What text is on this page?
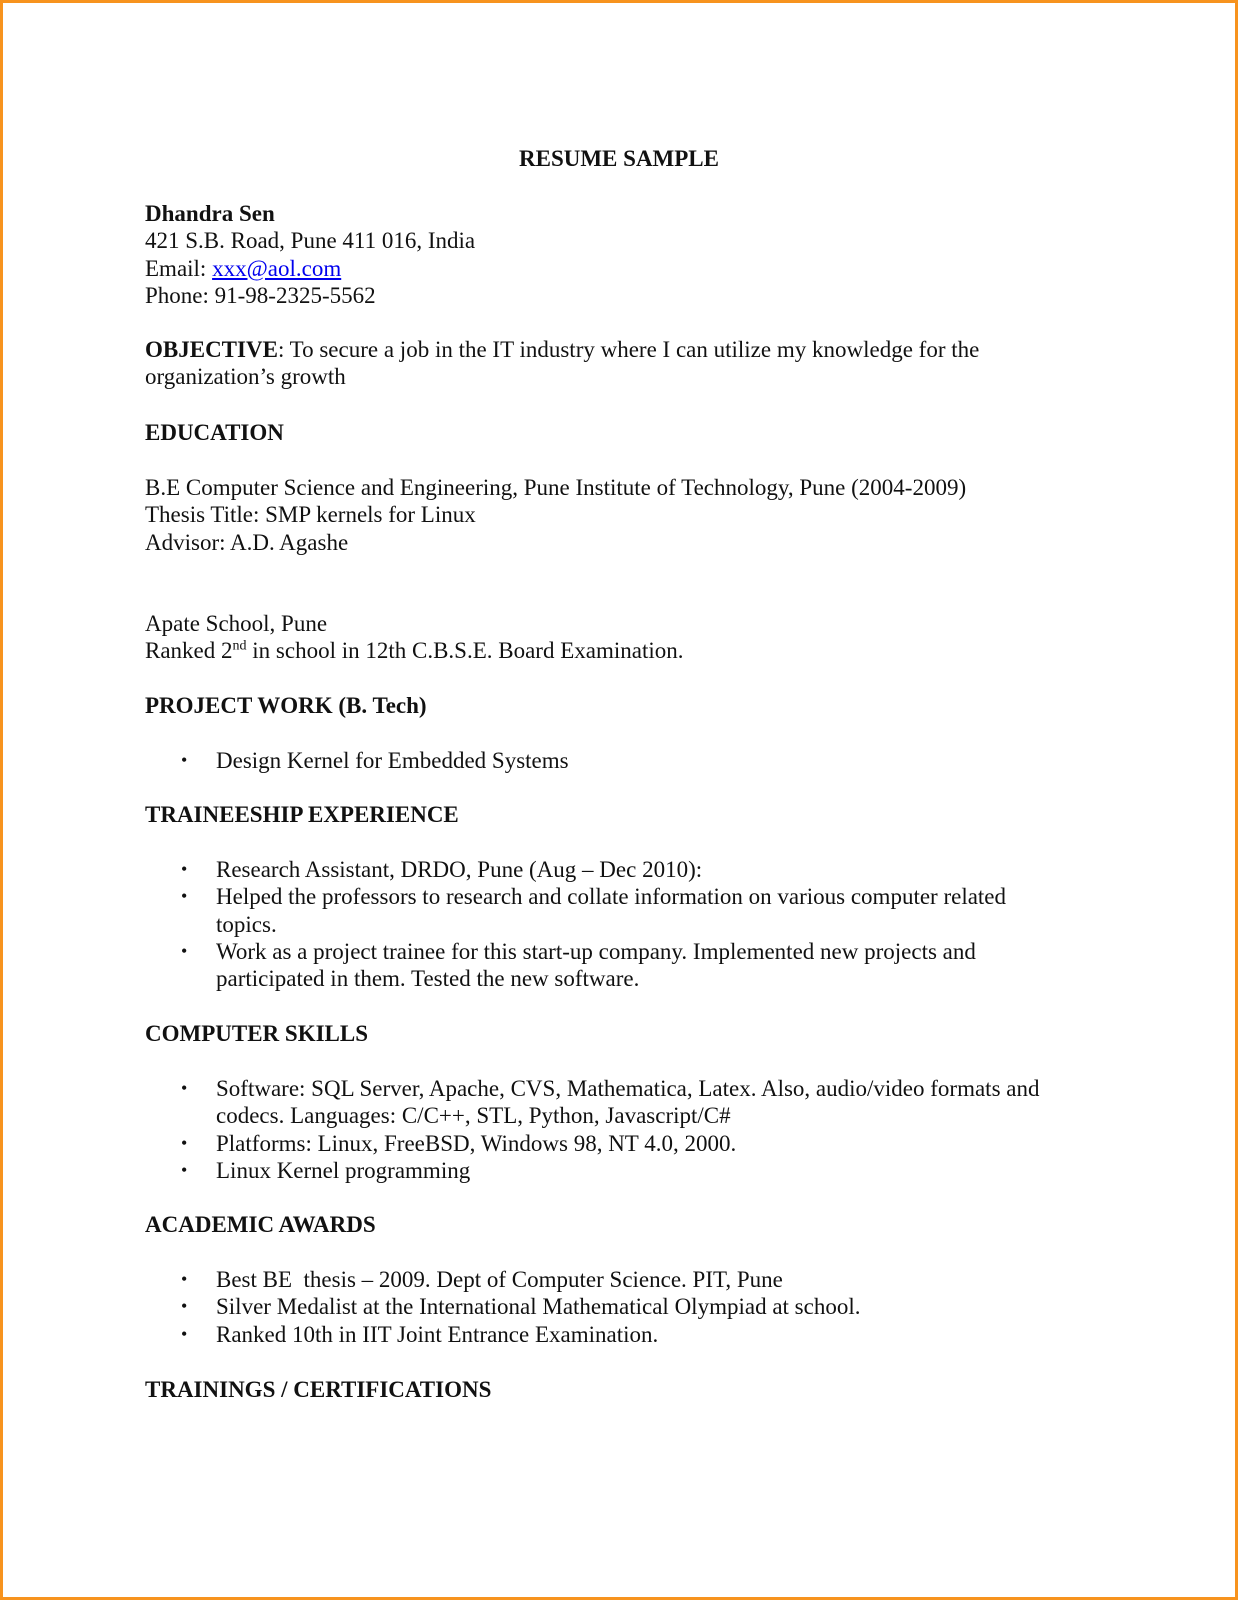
RESUME SAMPLE
Dhandra Sen
421 S.B. Road, Pune 411 016, India
Email: xxx@aol.com
Phone: 91-98-2325-5562
OBJECTIVE: To secure a job in the IT industry where I can utilize my knowledge for the
organization’s growth
EDUCATION
B.E Computer Science and Engineering, Pune Institute of Technology, Pune (2004-2009)
Thesis Title: SMP kernels for Linux
Advisor: A.D. Agashe
Apate School, Pune
Ranked 2nd in school in 12th C.B.S.E. Board Examination.
PROJECT WORK (B. Tech)
• Design Kernel for Embedded Systems
TRAINEESHIP EXPERIENCE
• Research Assistant, DRDO, Pune (Aug – Dec 2010):
• Helped the professors to research and collate information on various computer related
topics.
• Work as a project trainee for this start-up company. Implemented new projects and
participated in them. Tested the new software.
COMPUTER SKILLS
• Software: SQL Server, Apache, CVS, Mathematica, Latex. Also, audio/video formats and
codecs. Languages: C/C++, STL, Python, Javascript/C#
• Platforms: Linux, FreeBSD, Windows 98, NT 4.0, 2000.
• Linux Kernel programming
ACADEMIC AWARDS
• Best BE  thesis – 2009. Dept of Computer Science. PIT, Pune
• Silver Medalist at the International Mathematical Olympiad at school.
• Ranked 10th in IIT Joint Entrance Examination.
TRAININGS / CERTIFICATIONS
